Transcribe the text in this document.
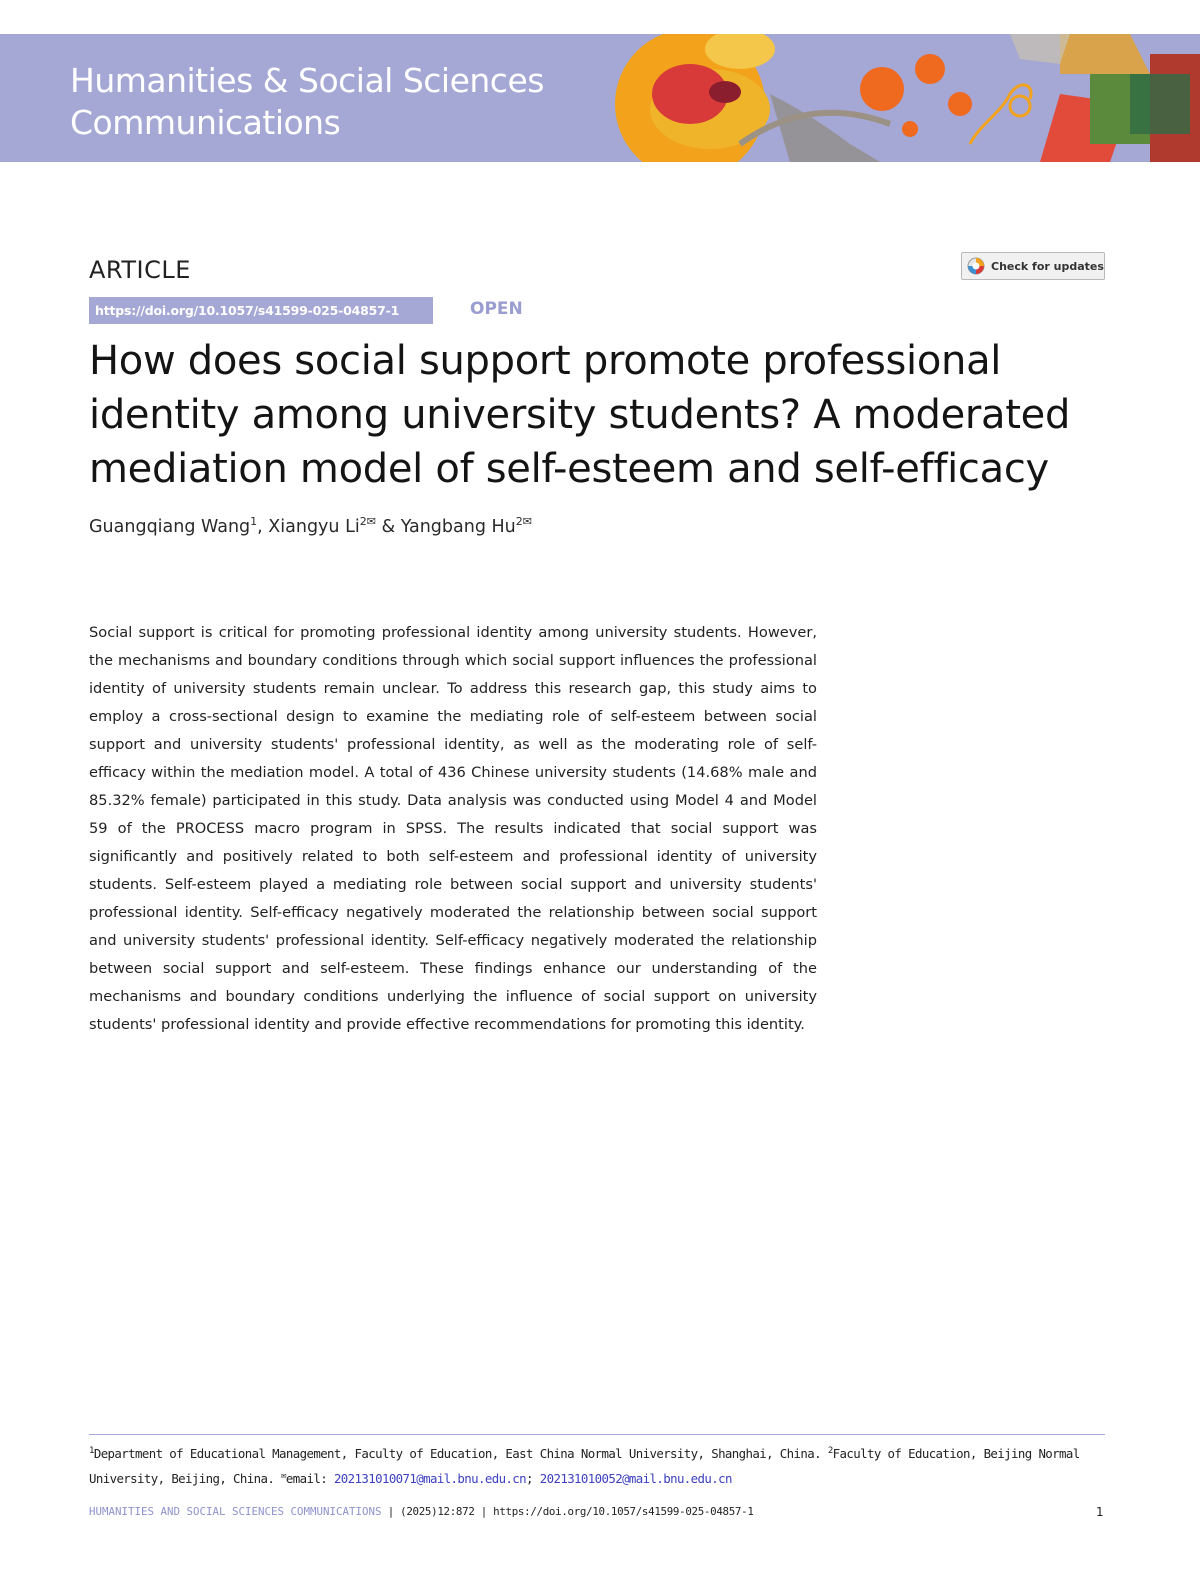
Humanities & Social Sciences
Communications
ARTICLE	Check for updates
https://doi.org/10.1057/s41599-025-04857-1	OPEN
How does social support promote professional identity among university students? A moderated mediation model of self-esteem and self-efficacy
Guangqiang Wang$^1$, Xiangyu $Li^{2✉}$ & Yangbang $Hu^{2✉}$

Social support is critical for promoting professional identity among university students. However, the mechanisms and boundary conditions through which social support influences the professional identity of university students remain unclear. To address this research gap, this study aims to employ a cross-sectional design to examine the mediating role of self-esteem between social support and university students' professional identity, as well as the moderating role of self-efficacy within the mediation model. A total of 436 Chinese university students (14.68% male and 85.32% female) participated in this study. Data analysis was conducted using Model 4 and Model 59 of the PROCESS macro program in SPSS. The results indicated that social support was significantly and positively related to both self-esteem and professional identity of university students. Self-esteem played a mediating role between social support and university students' professional identity. Self-efficacy negatively moderated the relationship between social support and university students' professional identity. Self-efficacy negatively moderated the relationship between social support and self-esteem. These findings enhance our understanding of the mechanisms and boundary conditions underlying the influence of social support on university students' professional identity and provide effective recommendations for promoting this identity.

$^1$Department of Educational Management, Faculty of Education, East China Normal University, Shanghai, China. $^2$Faculty of Education, Beijing Normal University, Beijing, China. ✉email: 202131010071@mail.bnu.edu.cn; 202131010052@mail.bnu.edu.cn

HUMANITIES AND SOCIAL SCIENCES COMMUNICATIONS | (2025)12:872 | https://doi.org/10.1057/s41599-025-04857-1	1
